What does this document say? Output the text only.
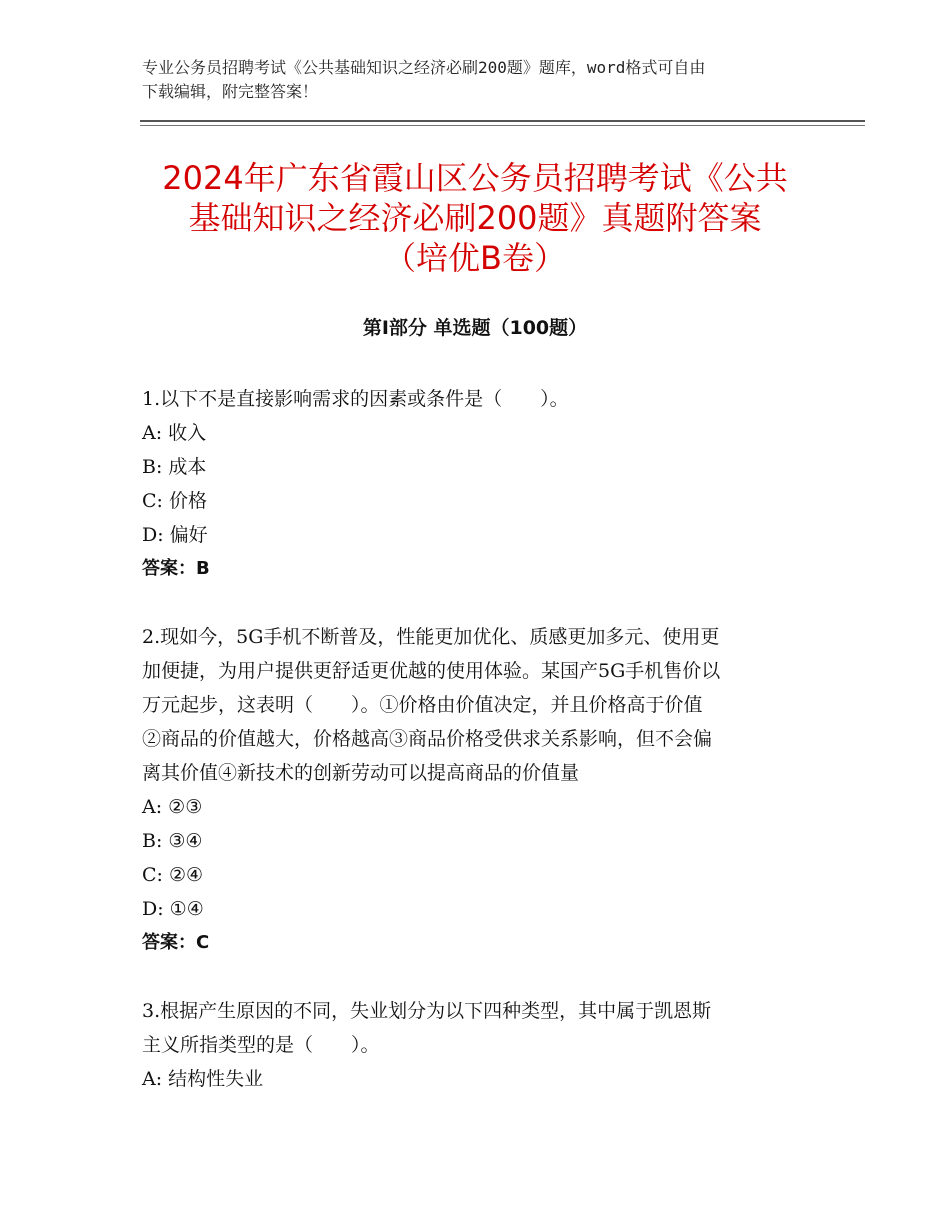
专业公务员招聘考试《公共基础知识之经济必刷200题》题库，word格式可自由
下载编辑，附完整答案！
2024年广东省霞山区公务员招聘考试《公共
基础知识之经济必刷200题》真题附答案
（培优B卷）
第Ⅰ部分 单选题（100题）

1.以下不是直接影响需求的因素或条件是（　　）。

A: 收入

B: 成本

C: 价格

D: 偏好

答案：B

2.现如今，5G手机不断普及，性能更加优化、质感更加多元、使用更

加便捷，为用户提供更舒适更优越的使用体验。某国产5G手机售价以

万元起步，这表明（　　）。①价格由价值决定，并且价格高于价值

②商品的价值越大，价格越高③商品价格受供求关系影响，但不会偏

离其价值④新技术的创新劳动可以提高商品的价值量

A: ②③

B: ③④

C: ②④

D: ①④

答案：C

3.根据产生原因的不同，失业划分为以下四种类型，其中属于凯恩斯

主义所指类型的是（　　）。

A: 结构性失业
